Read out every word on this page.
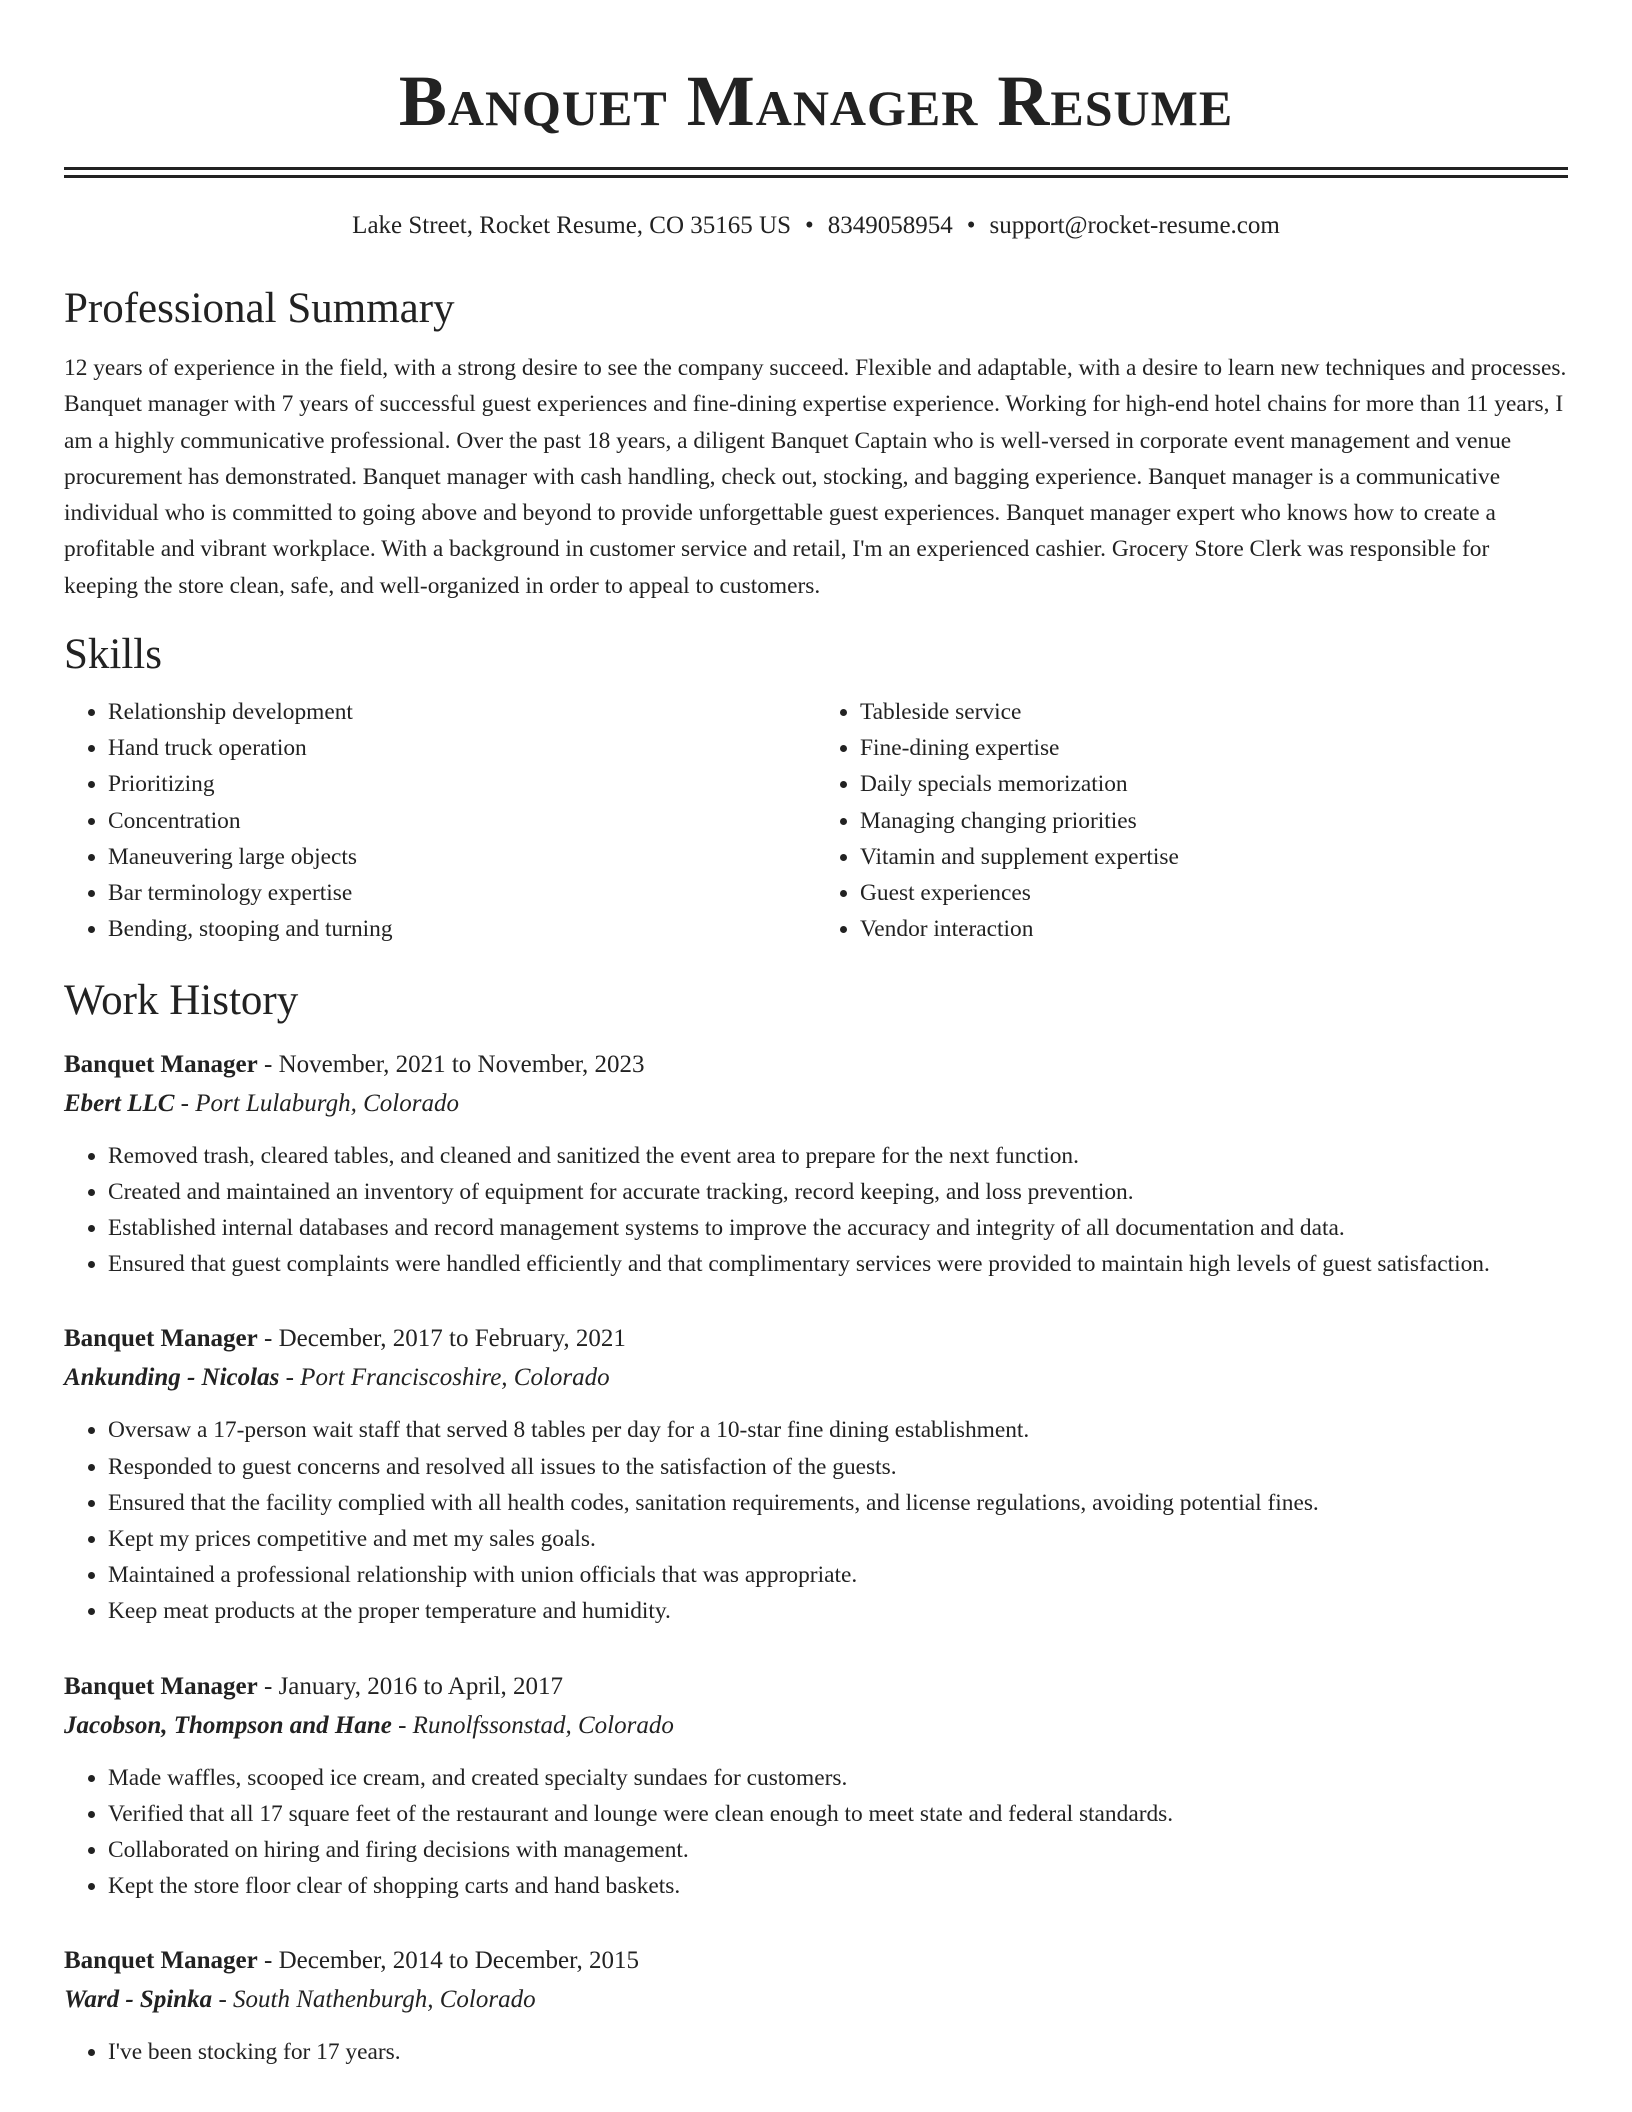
Banquet Manager Resume
Lake Street, Rocket Resume, CO 35165 US • 8349058954 • support@rocket-resume.com
Professional Summary
12 years of experience in the field, with a strong desire to see the company succeed. Flexible and adaptable, with a desire to learn new techniques and processes. Banquet manager with 7 years of successful guest experiences and fine-dining expertise experience. Working for high-end hotel chains for more than 11 years, I am a highly communicative professional. Over the past 18 years, a diligent Banquet Captain who is well-versed in corporate event management and venue procurement has demonstrated. Banquet manager with cash handling, check out, stocking, and bagging experience. Banquet manager is a communicative individual who is committed to going above and beyond to provide unforgettable guest experiences. Banquet manager expert who knows how to create a profitable and vibrant workplace. With a background in customer service and retail, I'm an experienced cashier. Grocery Store Clerk was responsible for keeping the store clean, safe, and well-organized in order to appeal to customers.
Skills
• Relationship development
• Hand truck operation
• Prioritizing
• Concentration
• Maneuvering large objects
• Bar terminology expertise
• Bending, stooping and turning
• Tableside service
• Fine-dining expertise
• Daily specials memorization
• Managing changing priorities
• Vitamin and supplement expertise
• Guest experiences
• Vendor interaction
Work History
Banquet Manager - November, 2021 to November, 2023
Ebert LLC - Port Lulaburgh, Colorado
• Removed trash, cleared tables, and cleaned and sanitized the event area to prepare for the next function.
• Created and maintained an inventory of equipment for accurate tracking, record keeping, and loss prevention.
• Established internal databases and record management systems to improve the accuracy and integrity of all documentation and data.
• Ensured that guest complaints were handled efficiently and that complimentary services were provided to maintain high levels of guest satisfaction.
Banquet Manager - December, 2017 to February, 2021
Ankunding - Nicolas - Port Franciscoshire, Colorado
• Oversaw a 17-person wait staff that served 8 tables per day for a 10-star fine dining establishment.
• Responded to guest concerns and resolved all issues to the satisfaction of the guests.
• Ensured that the facility complied with all health codes, sanitation requirements, and license regulations, avoiding potential fines.
• Kept my prices competitive and met my sales goals.
• Maintained a professional relationship with union officials that was appropriate.
• Keep meat products at the proper temperature and humidity.
Banquet Manager - January, 2016 to April, 2017
Jacobson, Thompson and Hane - Runolfssonstad, Colorado
• Made waffles, scooped ice cream, and created specialty sundaes for customers.
• Verified that all 17 square feet of the restaurant and lounge were clean enough to meet state and federal standards.
• Collaborated on hiring and firing decisions with management.
• Kept the store floor clear of shopping carts and hand baskets.
Banquet Manager - December, 2014 to December, 2015
Ward - Spinka - South Nathenburgh, Colorado
• I've been stocking for 17 years.
